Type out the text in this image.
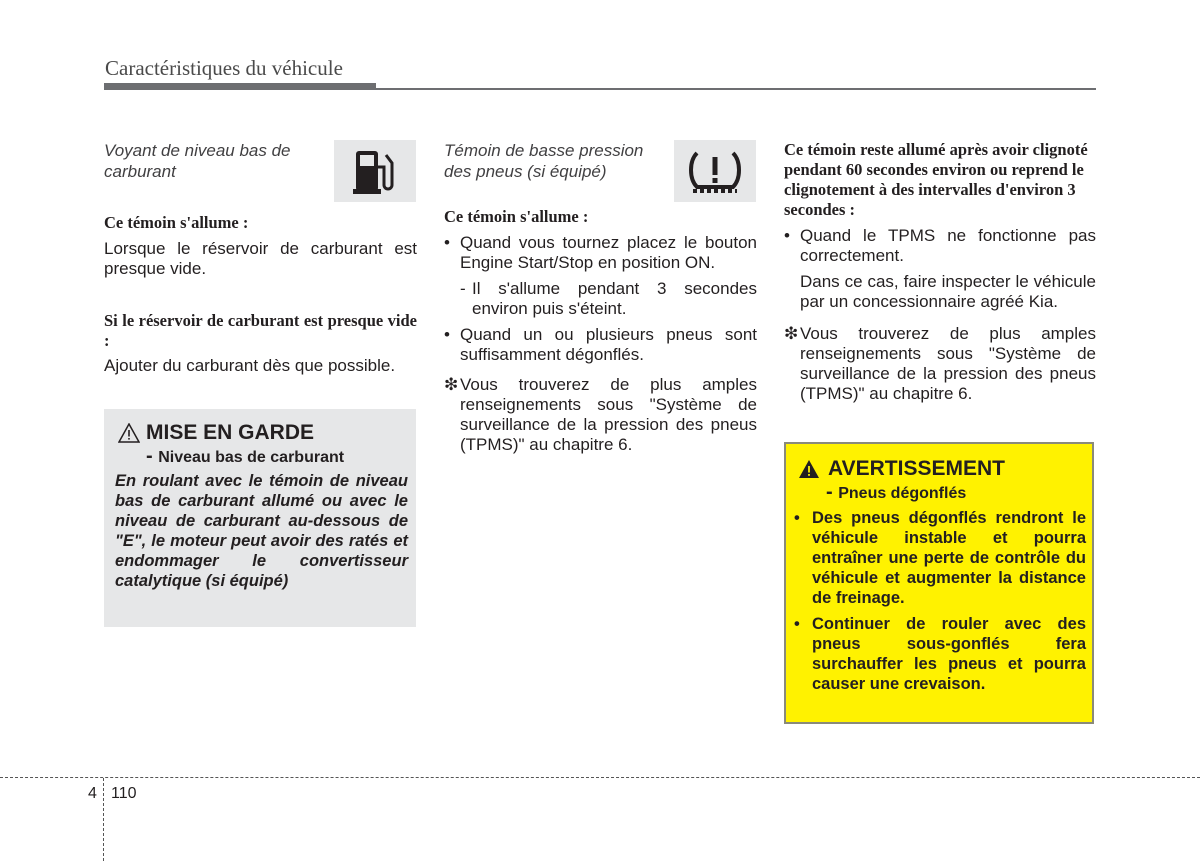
Caractéristiques du véhicule
Voyant de niveau bas de carburant
Ce témoin s'allume :
Lorsque le réservoir de carburant est presque vide.
Si le réservoir de carburant est presque vide :
Ajouter du carburant dès que possible.
MISE EN GARDE
- Niveau bas de carburant
En roulant avec le témoin de niveau bas de carburant allumé ou avec le niveau de carburant au-dessous de "E", le moteur peut avoir des ratés et endommager le convertisseur catalytique (si équipé)
Témoin de basse pression des pneus (si équipé)
Ce témoin s'allume :
• Quand vous tournez placez le bouton Engine Start/Stop en position ON.
- Il s'allume pendant 3 secondes environ puis s'éteint.
• Quand un ou plusieurs pneus sont suffisamment dégonflés.
❇ Vous trouverez de plus amples renseignements sous "Système de surveillance de la pression des pneus (TPMS)" au chapitre 6.
Ce témoin reste allumé après avoir clignoté pendant 60 secondes environ ou reprend le clignotement à des intervalles d'environ 3 secondes :
• Quand le TPMS ne fonctionne pas correctement.
Dans ce cas, faire inspecter le véhicule par un concessionnaire agréé Kia.
❇ Vous trouverez de plus amples renseignements sous "Système de surveillance de la pression des pneus (TPMS)" au chapitre 6.
AVERTISSEMENT
- Pneus dégonflés
• Des pneus dégonflés rendront le véhicule instable et pourra entraîner une perte de contrôle du véhicule et augmenter la distance de freinage.
• Continuer de rouler avec des pneus sous-gonflés fera surchauffer les pneus et pourra causer une crevaison.
4 110
